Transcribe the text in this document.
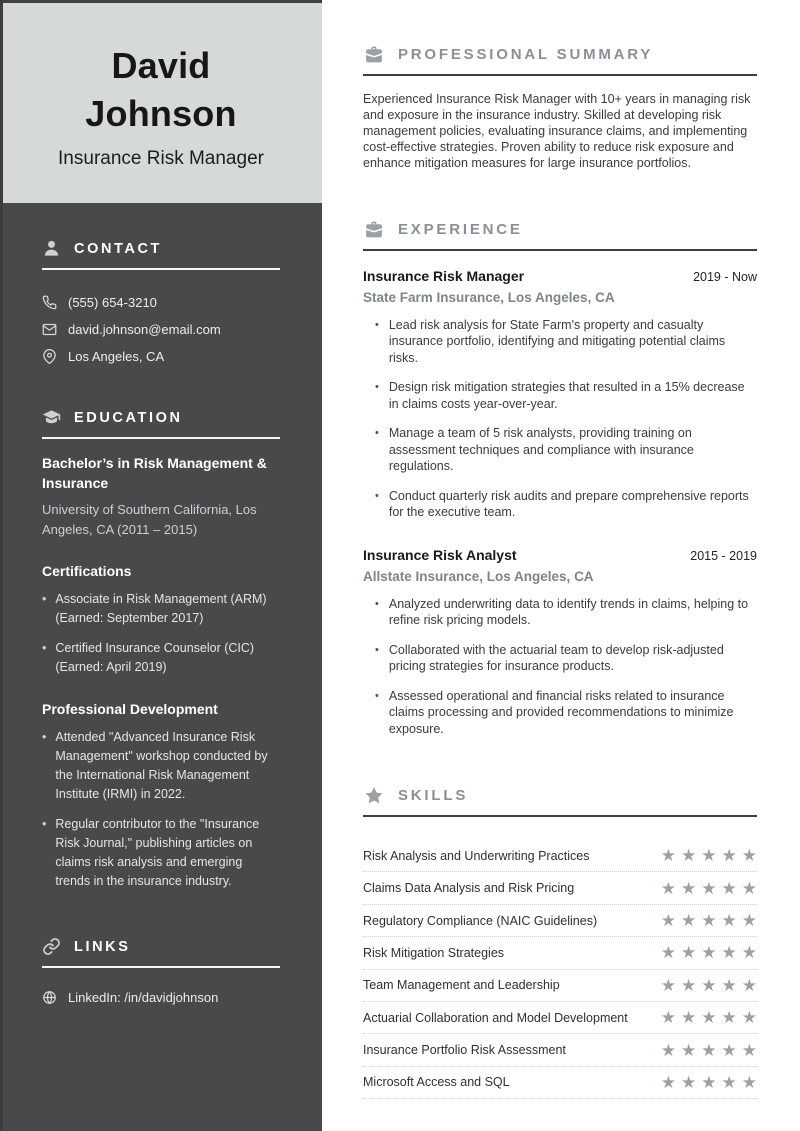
David
Johnson
Insurance Risk Manager
CONTACT
(555) 654-3210
david.johnson@email.com
Los Angeles, CA
EDUCATION
Bachelor’s in Risk Management & Insurance
University of Southern California, Los Angeles, CA (2011 – 2015)
Certifications
• Associate in Risk Management (ARM) (Earned: September 2017)
• Certified Insurance Counselor (CIC) (Earned: April 2019)
Professional Development
• Attended "Advanced Insurance Risk Management" workshop conducted by the International Risk Management Institute (IRMI) in 2022.
• Regular contributor to the "Insurance Risk Journal," publishing articles on claims risk analysis and emerging trends in the insurance industry.
LINKS
LinkedIn: /in/davidjohnson
PROFESSIONAL SUMMARY

Experienced Insurance Risk Manager with 10+ years in managing risk and exposure in the insurance industry. Skilled at developing risk management policies, evaluating insurance claims, and implementing cost-effective strategies. Proven ability to reduce risk exposure and enhance mitigation measures for large insurance portfolios.

EXPERIENCE
Insurance Risk Manager	2019 - Now
State Farm Insurance, Los Angeles, CA
• Lead risk analysis for State Farm's property and casualty insurance portfolio, identifying and mitigating potential claims risks.
• Design risk mitigation strategies that resulted in a 15% decrease in claims costs year-over-year.
• Manage a team of 5 risk analysts, providing training on assessment techniques and compliance with insurance regulations.
• Conduct quarterly risk audits and prepare comprehensive reports for the executive team.
Insurance Risk Analyst	2015 - 2019
Allstate Insurance, Los Angeles, CA
• Analyzed underwriting data to identify trends in claims, helping to refine risk pricing models.
• Collaborated with the actuarial team to develop risk-adjusted pricing strategies for insurance products.
• Assessed operational and financial risks related to insurance claims processing and provided recommendations to minimize exposure.
SKILLS
Risk Analysis and Underwriting Practices	★ ★ ★ ★ ★
Claims Data Analysis and Risk Pricing	★ ★ ★ ★ ★
Regulatory Compliance (NAIC Guidelines)	★ ★ ★ ★ ★
Risk Mitigation Strategies	★ ★ ★ ★ ★
Team Management and Leadership	★ ★ ★ ★ ★
Actuarial Collaboration and Model Development ★ ★ ★ ★ ★
Insurance Portfolio Risk Assessment	★ ★ ★ ★ ★
Microsoft Access and SQL	★ ★ ★ ★ ★
